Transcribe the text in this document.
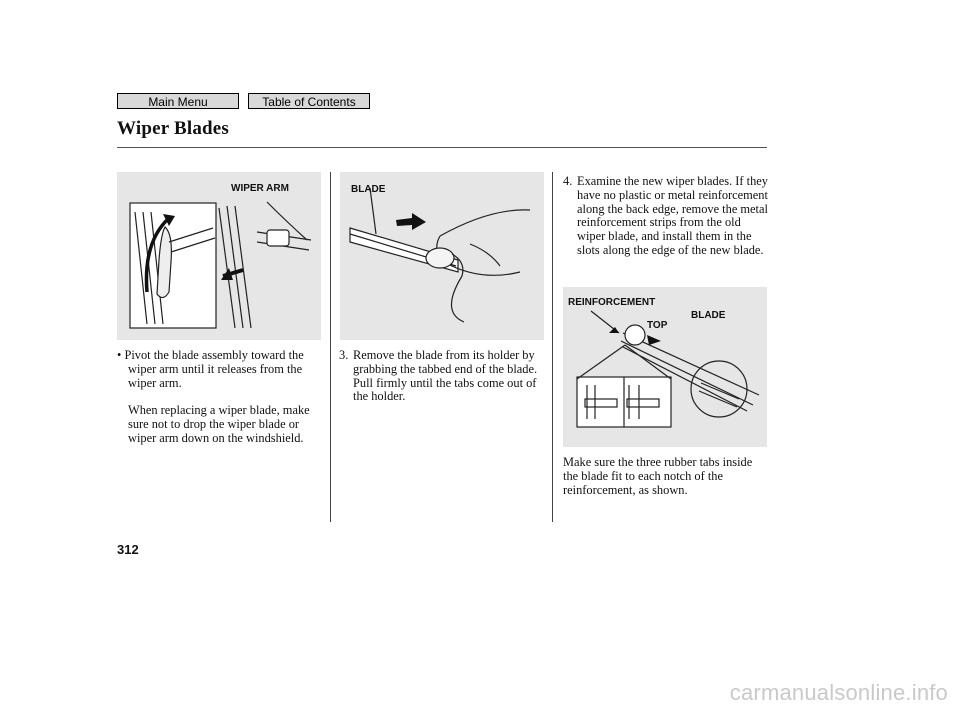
Main Menu	Table of Contents
Wiper Blades
WIPER ARM	BLADE
REINFORCEMENT
TOP
BLADE
• Pivot the blade assembly toward the wiper arm until it releases from the wiper arm.
When replacing a wiper blade, make sure not to drop the wiper blade or wiper arm down on the windshield.
3. Remove the blade from its holder by grabbing the tabbed end of the blade. Pull firmly until the tabs come out of the holder.
4. Examine the new wiper blades. If they have no plastic or metal reinforcement along the back edge, remove the metal reinforcement strips from the old wiper blade, and install them in the slots along the edge of the new blade.
Make sure the three rubber tabs inside the blade fit to each notch of the reinforcement, as shown.
312
carmanualsonline.info
